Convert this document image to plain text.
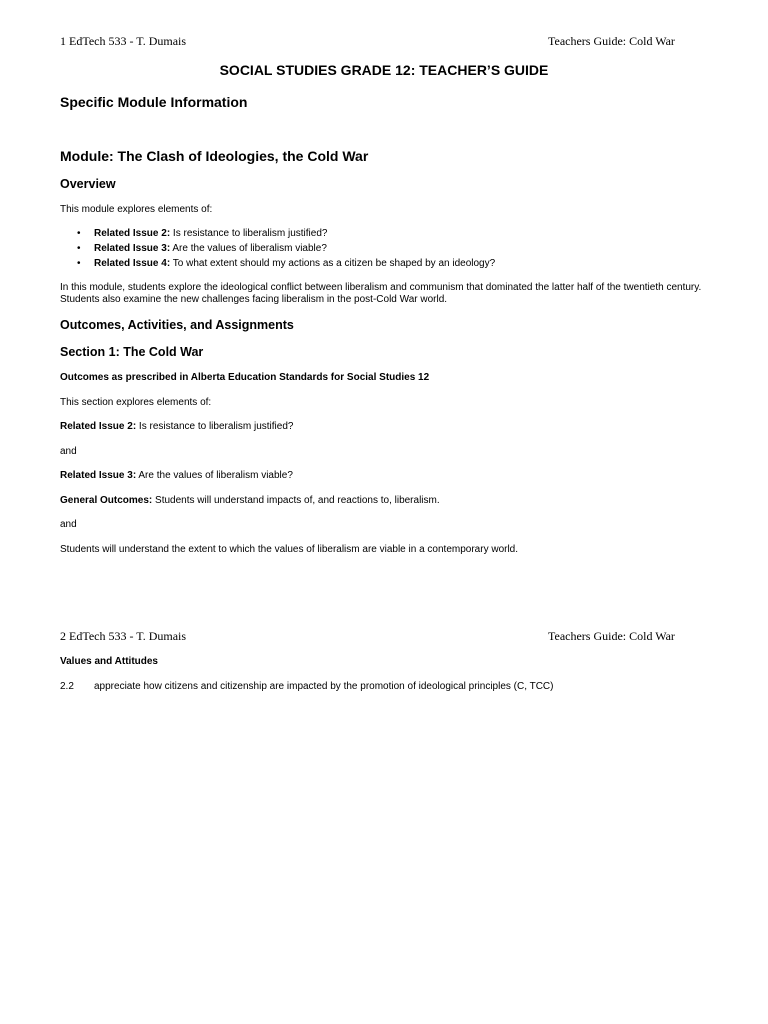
1 EdTech 533 - T. Dumais	Teachers Guide: Cold War
SOCIAL STUDIES GRADE 12: TEACHER’S GUIDE
Specific Module Information
Module: The Clash of Ideologies, the Cold War
Overview
This module explores elements of:
• Related Issue 2: Is resistance to liberalism justified?
• Related Issue 3: Are the values of liberalism viable?
• Related Issue 4: To what extent should my actions as a citizen be shaped by an ideology?
In this module, students explore the ideological conflict between liberalism and communism that dominated the latter half of the twentieth century. Students also examine the new challenges facing liberalism in the post-Cold War world.
Outcomes, Activities, and Assignments
Section 1: The Cold War
Outcomes as prescribed in Alberta Education Standards for Social Studies 12
This section explores elements of:
Related Issue 2: Is resistance to liberalism justified?
and
Related Issue 3: Are the values of liberalism viable?
General Outcomes: Students will understand impacts of, and reactions to, liberalism.
and
Students will understand the extent to which the values of liberalism are viable in a contemporary world.
2 EdTech 533 - T. Dumais	Teachers Guide: Cold War
Values and Attitudes
2.2 appreciate how citizens and citizenship are impacted by the promotion of ideological principles (C, TCC)
